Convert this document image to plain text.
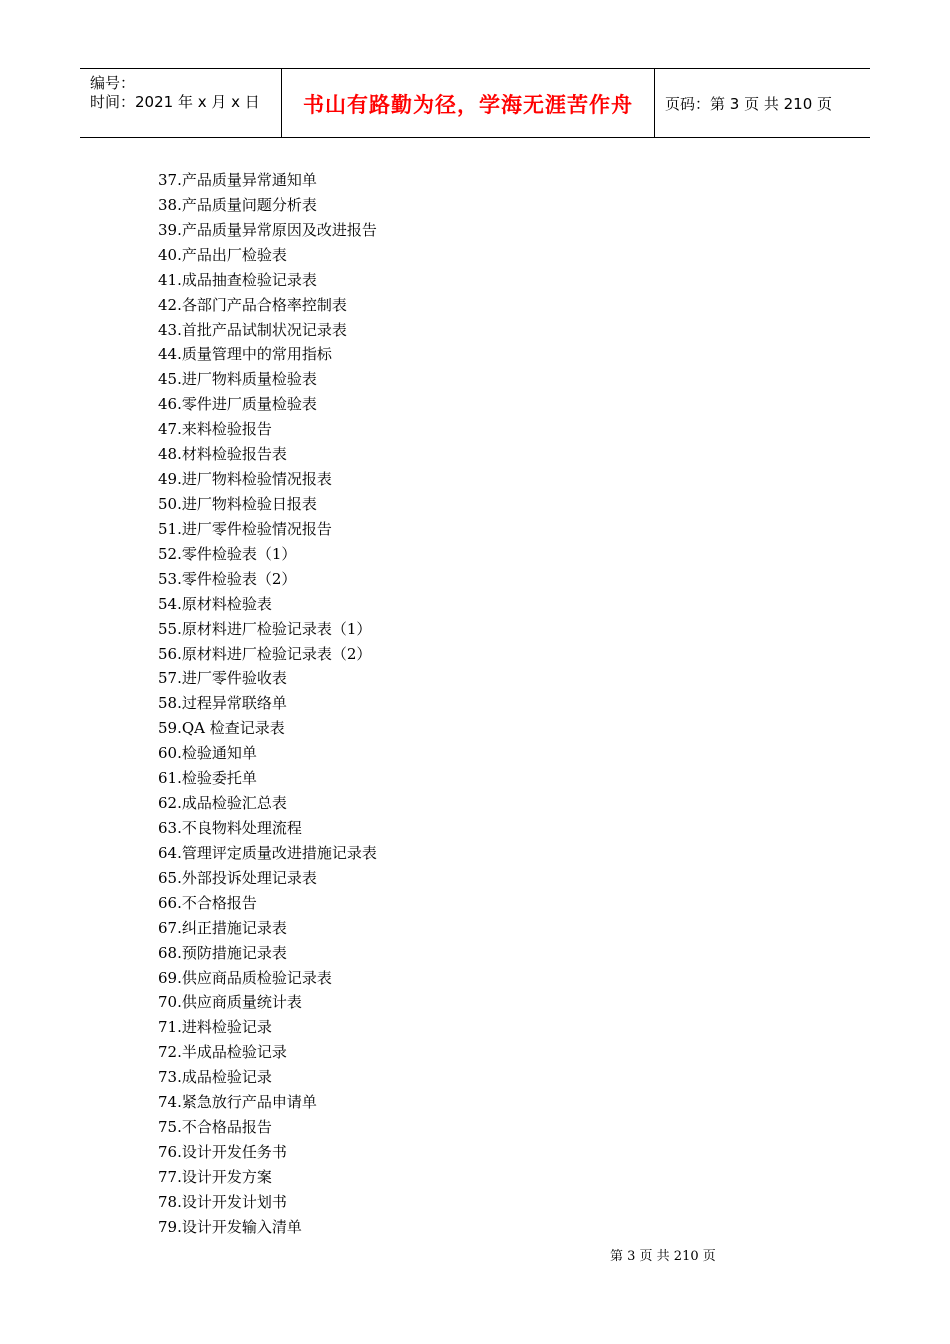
编号：
时间：2021 年 x 月 x 日	书山有路勤为径，学海无涯苦作舟	页码：第 3 页 共 210 页
37.产品质量异常通知单
38.产品质量问题分析表
39.产品质量异常原因及改进报告
40.产品出厂检验表
41.成品抽查检验记录表
42.各部门产品合格率控制表
43.首批产品试制状况记录表
44.质量管理中的常用指标
45.进厂物料质量检验表
46.零件进厂质量检验表
47.来料检验报告
48.材料检验报告表
49.进厂物料检验情况报表
50.进厂物料检验日报表
51.进厂零件检验情况报告
52.零件检验表（1）
53.零件检验表（2）
54.原材料检验表
55.原材料进厂检验记录表（1）
56.原材料进厂检验记录表（2）
57.进厂零件验收表
58.过程异常联络单
59.QA 检查记录表
60.检验通知单
61.检验委托单
62.成品检验汇总表
63.不良物料处理流程
64.管理评定质量改进措施记录表
65.外部投诉处理记录表
66.不合格报告
67.纠正措施记录表
68.预防措施记录表
69.供应商品质检验记录表
70.供应商质量统计表
71.进料检验记录
72.半成品检验记录
73.成品检验记录
74.紧急放行产品申请单
75.不合格品报告
76.设计开发任务书
77.设计开发方案
78.设计开发计划书
79.设计开发输入清单
第 3 页 共 210 页
